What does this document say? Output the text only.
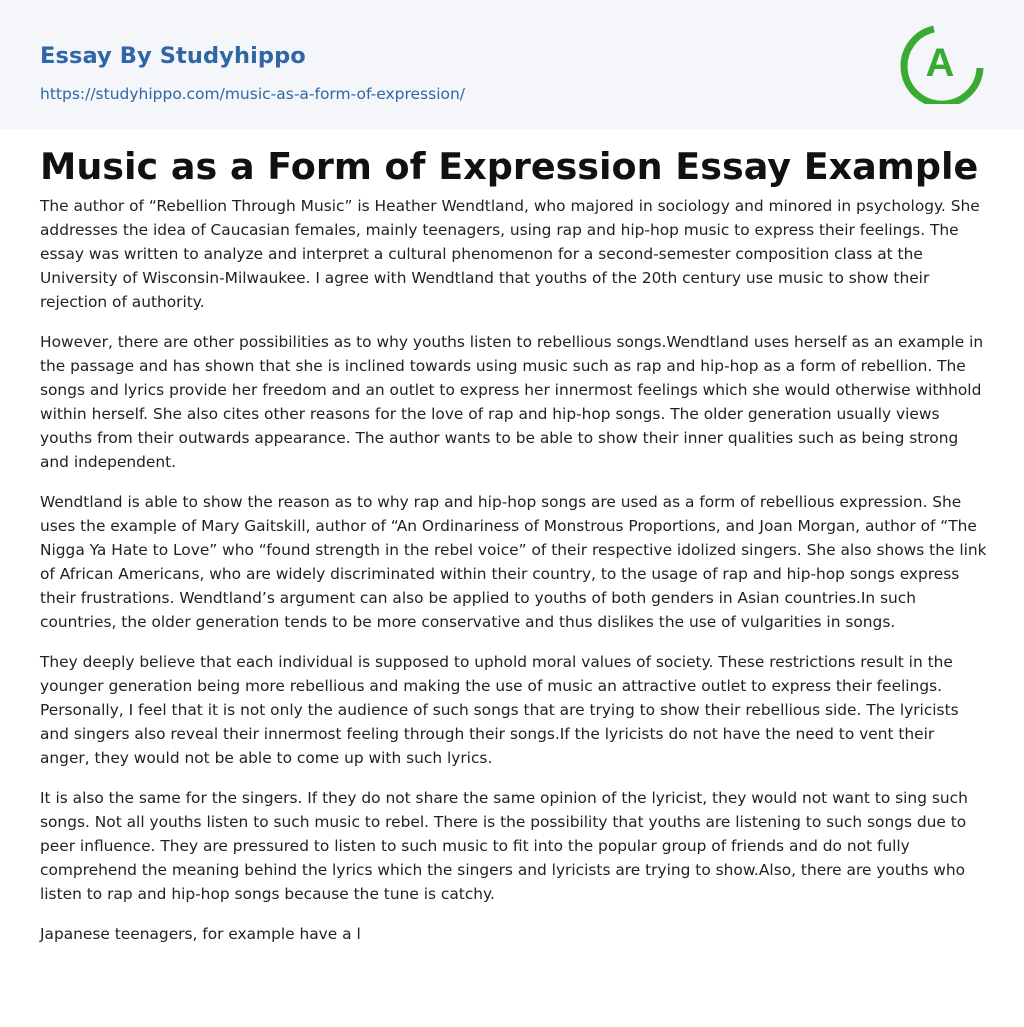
Essay By Studyhippo
https://studyhippo.com/music-as-a-form-of-expression/
A
Music as a Form of Expression Essay Example

The author of “Rebellion Through Music” is Heather Wendtland, who majored in sociology and minored in psychology. She addresses the idea of Caucasian females, mainly teenagers, using rap and hip-hop music to express their feelings. The essay was written to analyze and interpret a cultural phenomenon for a second-semester composition class at the University of Wisconsin-Milwaukee. I agree with Wendtland that youths of the 20th century use music to show their rejection of authority.

However, there are other possibilities as to why youths listen to rebellious songs.Wendtland uses herself as an example in the passage and has shown that she is inclined towards using music such as rap and hip-hop as a form of rebellion. The songs and lyrics provide her freedom and an outlet to express her innermost feelings which she would otherwise withhold within herself. She also cites other reasons for the love of rap and hip-hop songs. The older generation usually views youths from their outwards appearance. The author wants to be able to show their inner qualities such as being strong and independent.

Wendtland is able to show the reason as to why rap and hip-hop songs are used as a form of rebellious expression. She uses the example of Mary Gaitskill, author of “An Ordinariness of Monstrous Proportions, and Joan Morgan, author of “The Nigga Ya Hate to Love” who “found strength in the rebel voice” of their respective idolized singers. She also shows the link of African Americans, who are widely discriminated within their country, to the usage of rap and hip-hop songs express their frustrations. Wendtland’s argument can also be applied to youths of both genders in Asian countries.In such countries, the older generation tends to be more conservative and thus dislikes the use of vulgarities in songs.

They deeply believe that each individual is supposed to uphold moral values of society. These restrictions result in the younger generation being more rebellious and making the use of music an attractive outlet to express their feelings. Personally, I feel that it is not only the audience of such songs that are trying to show their rebellious side. The lyricists and singers also reveal their innermost feeling through their songs.If the lyricists do not have the need to vent their anger, they would not be able to come up with such lyrics.

It is also the same for the singers. If they do not share the same opinion of the lyricist, they would not want to sing such songs. Not all youths listen to such music to rebel. There is the possibility that youths are listening to such songs due to peer influence. They are pressured to listen to such music to fit into the popular group of friends and do not fully comprehend the meaning behind the lyrics which the singers and lyricists are trying to show.Also, there are youths who listen to rap and hip-hop songs because the tune is catchy.

Japanese teenagers, for example have a l
